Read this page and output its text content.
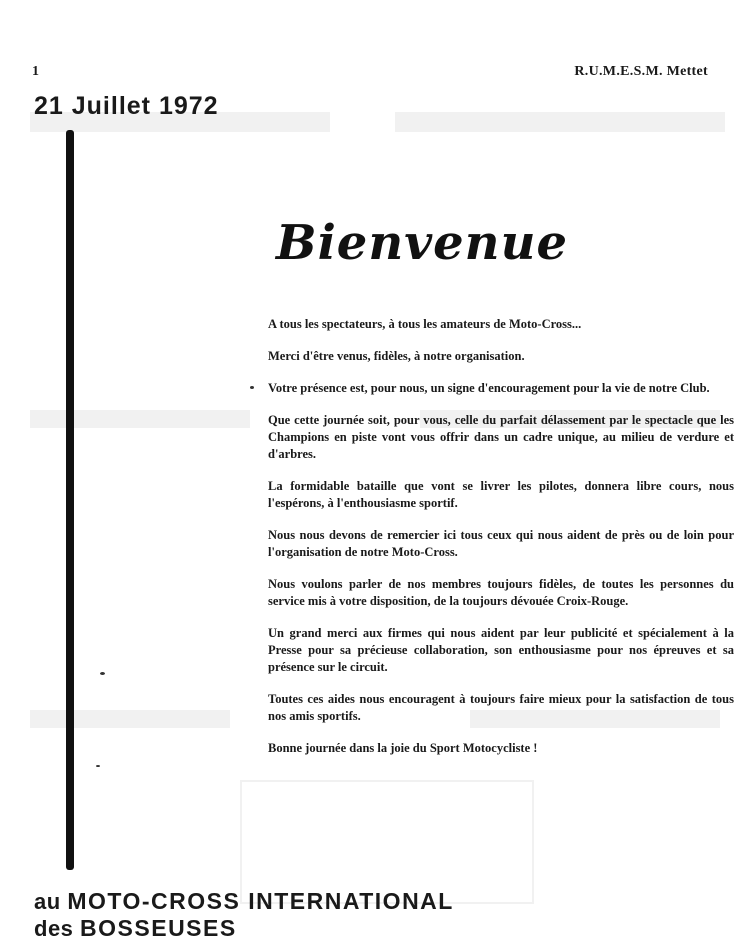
1	R.U.M.E.S.M. Mettet
21 Juillet 1972
Bienvenue

A tous les spectateurs, à tous les amateurs de Moto-Cross...

Merci d'être venus, fidèles, à notre organisation.

Votre présence est, pour nous, un signe d'encouragement pour la vie de notre Club.

Que cette journée soit, pour vous, celle du parfait délassement par le spectacle que les Champions en piste vont vous offrir dans un cadre unique, au milieu de verdure et d'arbres.

La formidable bataille que vont se livrer les pilotes, donnera libre cours, nous l'espérons, à l'enthousiasme sportif.

Nous nous devons de remercier ici tous ceux qui nous aident de près ou de loin pour l'organisation de notre Moto-Cross.

Nous voulons parler de nos membres toujours fidèles, de toutes les personnes du service mis à votre disposition, de la toujours dévouée Croix-Rouge.

Un grand merci aux firmes qui nous aident par leur publicité et spécialement à la Presse pour sa précieuse collaboration, son enthousiasme pour nos épreuves et sa présence sur le circuit.

Toutes ces aides nous encouragent à toujours faire mieux pour la satisfaction de tous nos amis sportifs.

Bonne journée dans la joie du Sport Motocycliste !

au MOTO-CROSS INTERNATIONAL
des BOSSEUSES
